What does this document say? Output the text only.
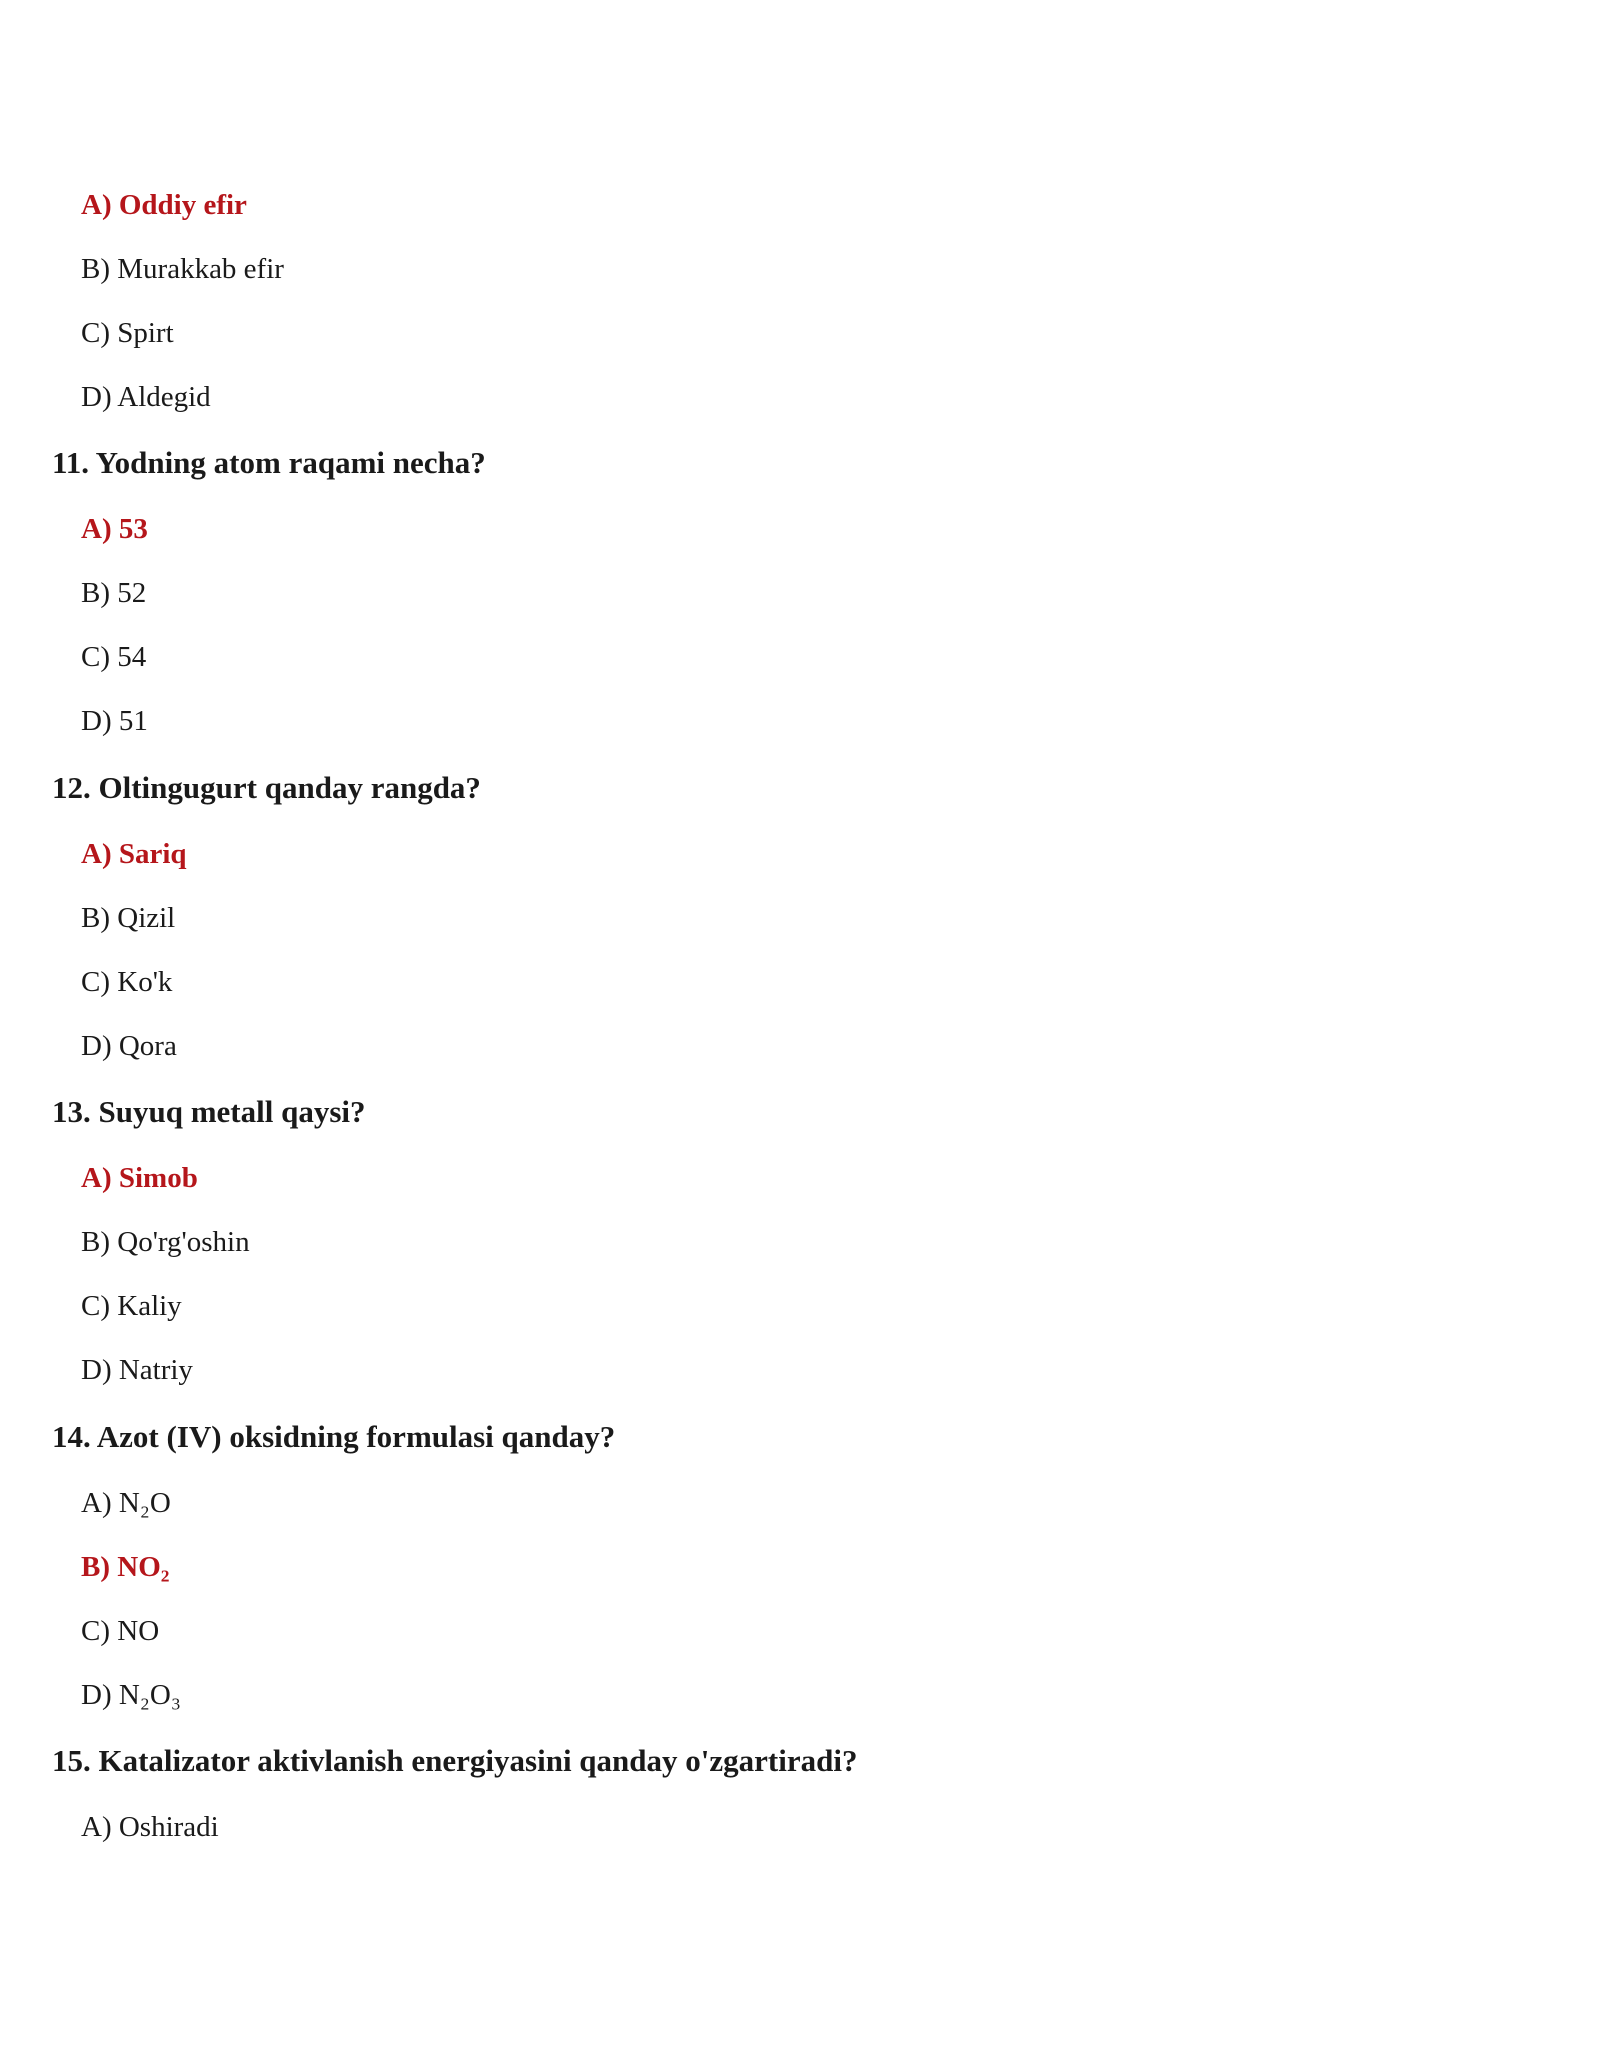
A) Oddiy efir
B) Murakkab efir
C) Spirt
D) Aldegid
11. Yodning atom raqami necha?
A) 53
B) 52
C) 54
D) 51
12. Oltingugurt qanday rangda?
A) Sariq
B) Qizil
C) Ko'k
D) Qora
13. Suyuq metall qaysi?
A) Simob
B) Qo'rg'oshin
C) Kaliy
D) Natriy
14. Azot (IV) oksidning formulasi qanday?
A) N₂O
B) NO₂
C) NO
D) N₂O₃
15. Katalizator aktivlanish energiyasini qanday o'zgartiradi?
A) Oshiradi
